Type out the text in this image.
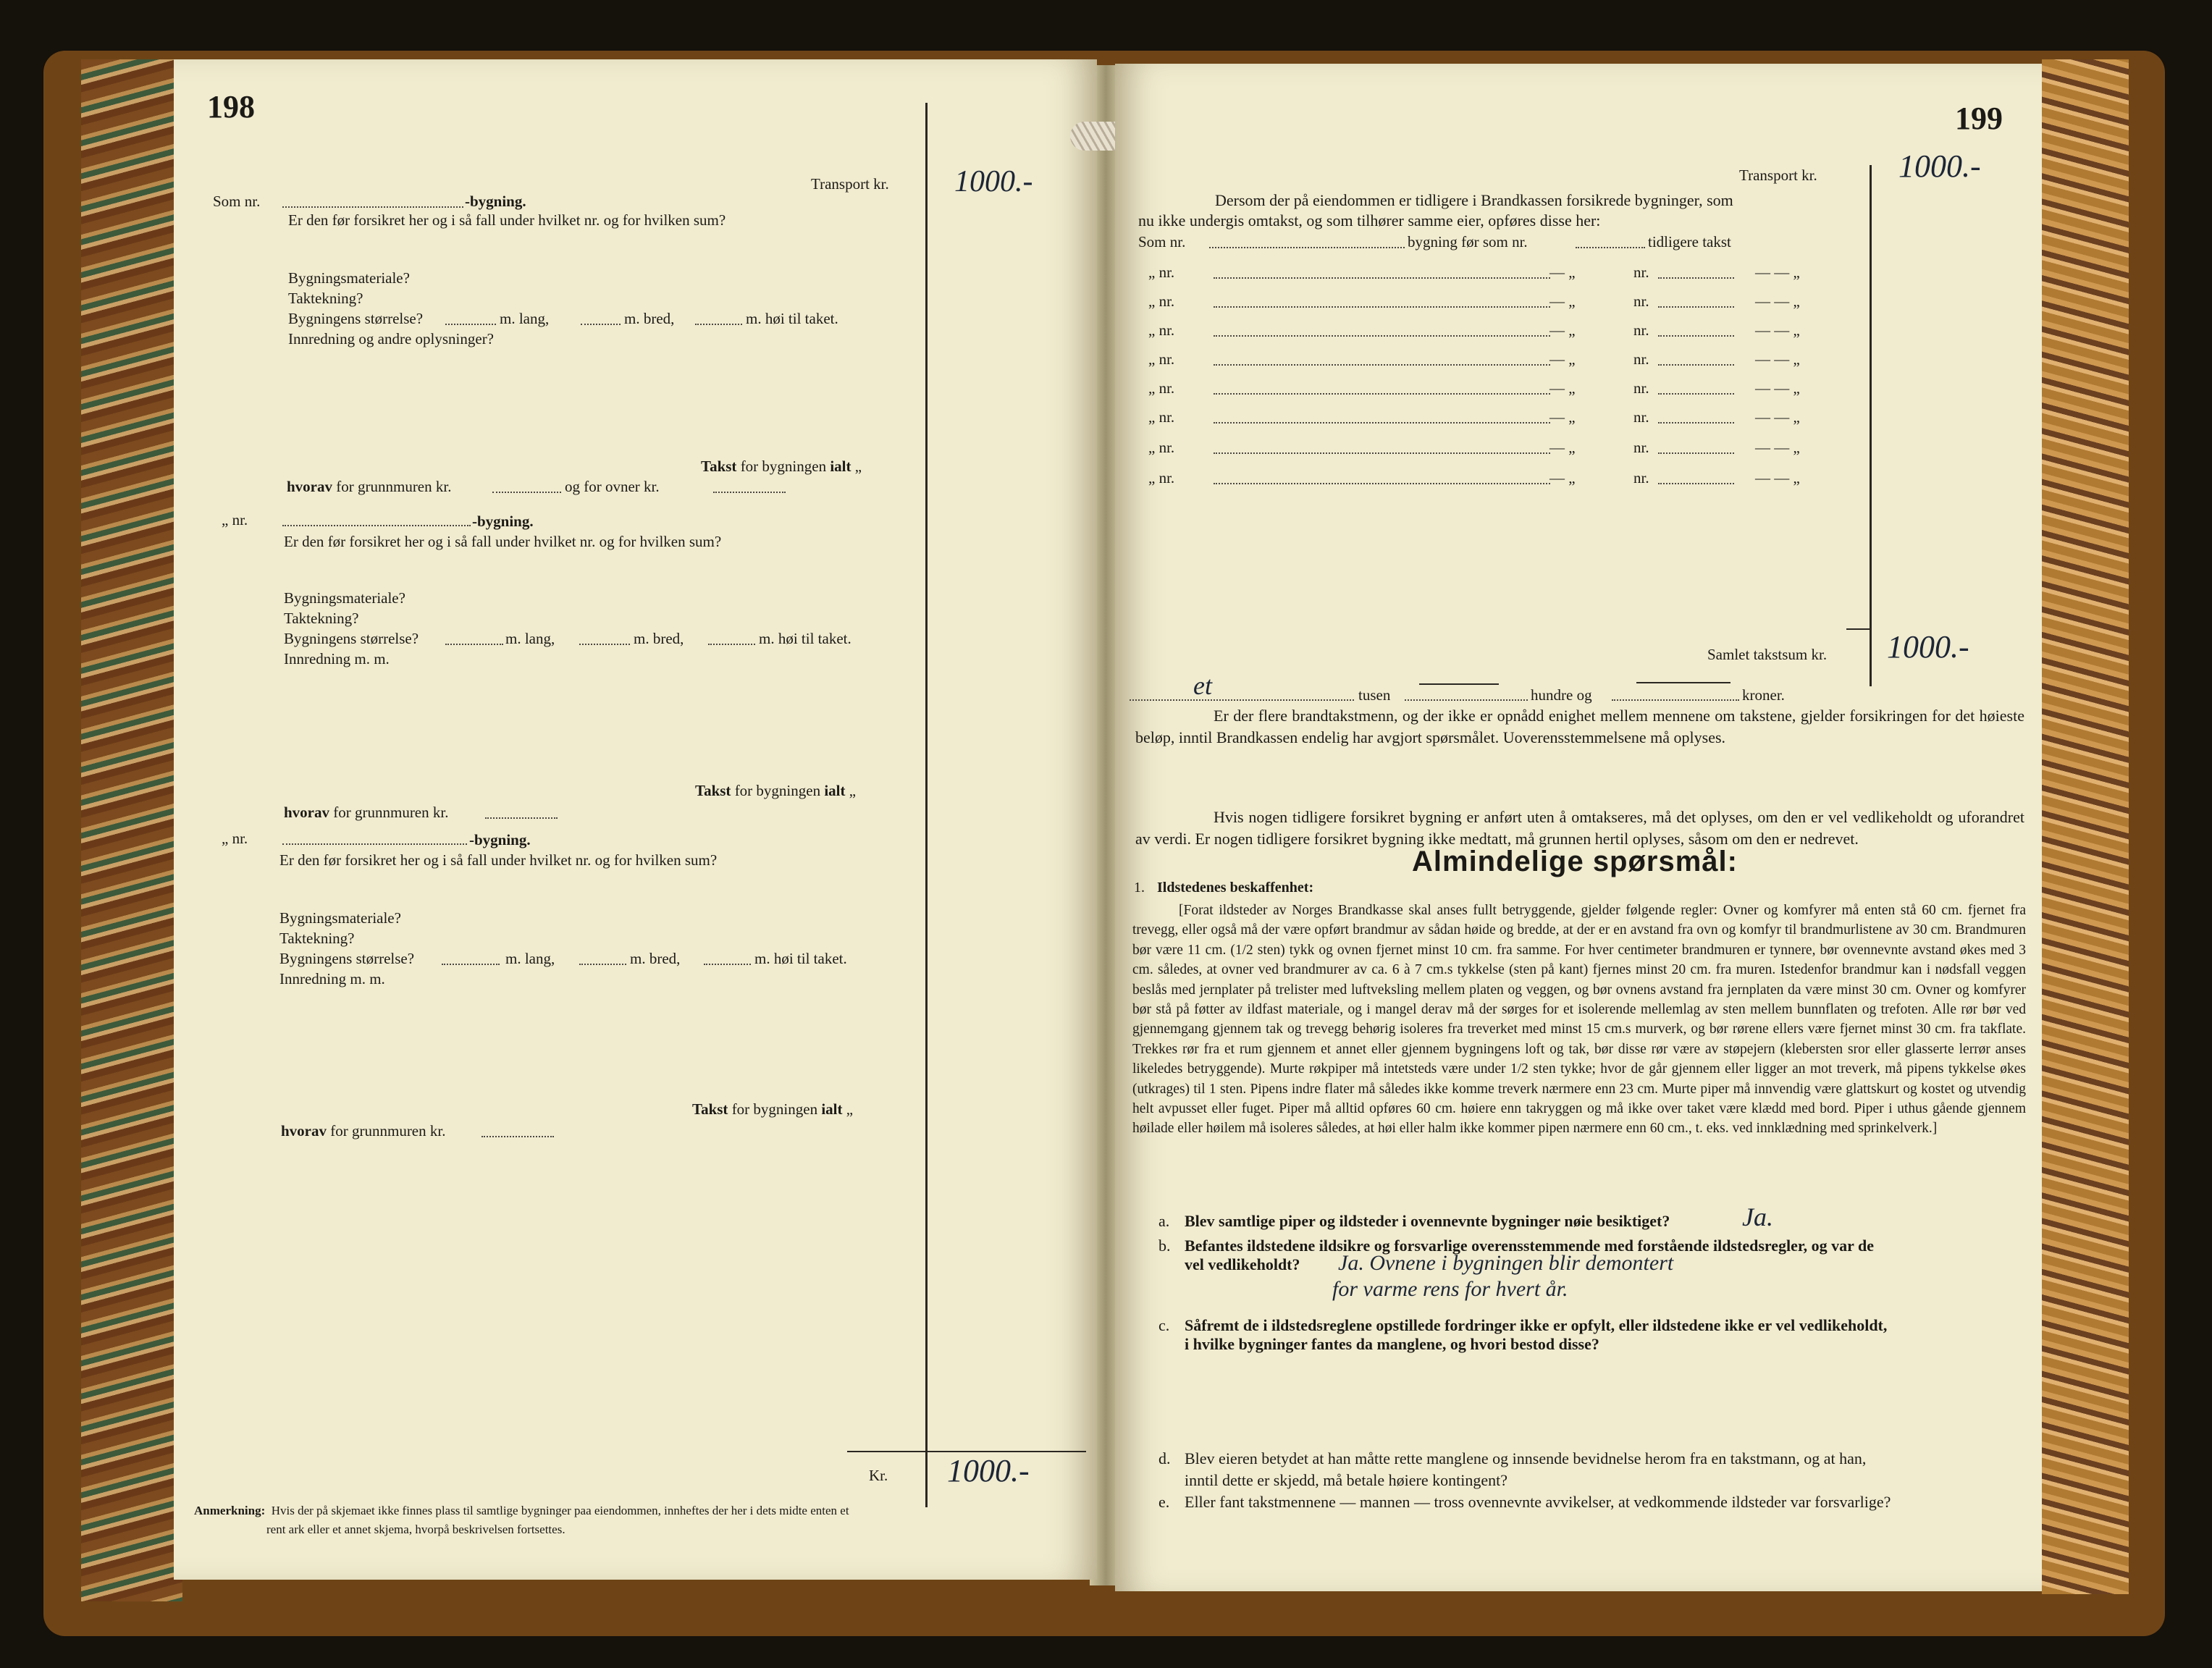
198
Transport kr. 1000.-
Som nr.	-bygning.
Er den før forsikret her og i så fall under hvilket nr. og for hvilken sum?
Bygningsmateriale?
Taktekning?
Bygningens størrelse?	m. lang,	m. bred,	m. høi til taket.
Innredning og andre oplysninger?
Takst for bygningen ialt „
hvorav for grunnmuren kr.	og for ovner kr.
„ nr.	-bygning.
Er den før forsikret her og i så fall under hvilket nr. og for hvilken sum?
Bygningsmateriale?
Taktekning?
Bygningens størrelse?	m. lang,	m. bred,	m. høi til taket.
Innredning m. m.
Takst for bygningen ialt „
hvorav for grunnmuren kr.
„ nr.	-bygning.
Er den før forsikret her og i så fall under hvilket nr. og for hvilken sum?
Bygningsmateriale?
Taktekning?
Bygningens størrelse?	m. lang,	m. bred,	m. høi til taket.
Innredning m. m.
Takst for bygningen ialt „
hvorav for grunnmuren kr.
Kr. 1000.-
Anmerkning: Hvis der på skjemaet ikke finnes plass til samtlige bygninger paa eiendommen, innheftes der her i dets midte enten et
rent ark eller et annet skjema, hvorpå beskrivelsen fortsettes.
199
Transport kr.	1000.-
Dersom der på eiendommen er tidligere i Brandkassen forsikrede bygninger, som
nu ikke undergis omtakst, og som tilhører samme eier, opføres disse her:
Som nr.	bygning før som nr.	tidligere takst
„ nr.	— „	nr.	— — „
„ nr.	— „	nr.	— — „
„ nr.	— „	nr.	— — „
„ nr.	— „	nr.	— — „
„ nr.	— „	nr.	— — „
„ nr.	— „	nr.	— — „
„ nr.	— „	nr.	— — „
„ nr.	— „	nr.	— — „
Samlet takstsum kr. 1000.-
et	tusen	hundre og	kroner.
Er der flere brandtakstmenn, og der ikke er opnådd enighet mellem mennene om takstene, gjelder forsikringen for det høieste beløp, inntil Brandkassen endelig har avgjort spørsmålet. Uoverensstemmelsene må oplyses.
Hvis nogen tidligere forsikret bygning er anført uten å omtakseres, må det oplyses, om den er vel vedlikeholdt og uforandret av verdi. Er nogen tidligere forsikret bygning ikke medtatt, må grunnen hertil oplyses, såsom om den er nedrevet.
Almindelige spørsmål:
1. Ildstedenes beskaffenhet:
[Forat ildsteder av Norges Brandkasse skal anses fullt betryggende, gjelder følgende regler: Ovner og komfyrer må enten stå 60 cm. fjernet fra trevegg, eller også må der være opført brandmur av sådan høide og bredde, at der er en avstand fra ovn og komfyr til brandmurlistene av 30 cm. Brandmuren bør være 11 cm. (1/2 sten) tykk og ovnen fjernet minst 10 cm. fra samme. For hver centimeter brandmuren er tynnere, bør ovennevnte avstand økes med 3 cm. således, at ovner ved brandmurer av ca. 6 à 7 cm.s tykkelse (sten på kant) fjernes minst 20 cm. fra muren. Istedenfor brandmur kan i nødsfall veggen beslås med jernplater på trelister med luftveksling mellem platen og veggen, og bør ovnens avstand fra jernplaten da være minst 30 cm. Ovner og komfyrer bør stå på føtter av ildfast materiale, og i mangel derav må der sørges for et isolerende mellemlag av sten mellem bunnflaten og trefoten. Alle rør bør ved gjennemgang gjennem tak og trevegg behørig isoleres fra treverket med minst 15 cm.s murverk, og bør rørene ellers være fjernet minst 30 cm. fra takflate. Trekkes rør fra et rum gjennem et annet eller gjennem bygningens loft og tak, bør disse rør være av støpejern (klebersten sror eller glasserte lerrør anses likeledes betryggende). Murte røkpiper må intetsteds være under 1/2 sten tykke; hvor de går gjennem eller ligger an mot treverk, må pipens tykkelse økes (utkrages) til 1 sten. Pipens indre flater må således ikke komme treverk nærmere enn 23 cm. Murte piper må innvendig være glattskurt og kostet og utvendig helt avpusset eller fuget. Piper må alltid opføres 60 cm. høiere enn takryggen og må ikke over taket være klædd med bord. Piper i uthus gående gjennem høilade eller høilem må isoleres således, at høi eller halm ikke kommer pipen nærmere enn 60 cm., t. eks. ved innklædning med sprinkelverk.]
a. Blev samtlige piper og ildsteder i ovennevnte bygninger nøie besiktiget?	Ja.
b. Befantes ildstedene ildsikre og forsvarlige overensstemmende med forstående ildstedsregler, og var de
vel vedlikeholdt? Ja. Ovnene i bygningen blir demontert
for varme rens for hvert år.
c. Såfremt de i ildstedsreglene opstillede fordringer ikke er opfylt, eller ildstedene ikke er vel vedlikeholdt,
i hvilke bygninger fantes da manglene, og hvori bestod disse?
d. Blev eieren betydet at han måtte rette manglene og innsende bevidnelse herom fra en takstmann, og at han,
inntil dette er skjedd, må betale høiere kontingent?
e. Eller fant takstmennene — mannen — tross ovennevnte avvikelser, at vedkommende ildsteder var forsvarlige?
